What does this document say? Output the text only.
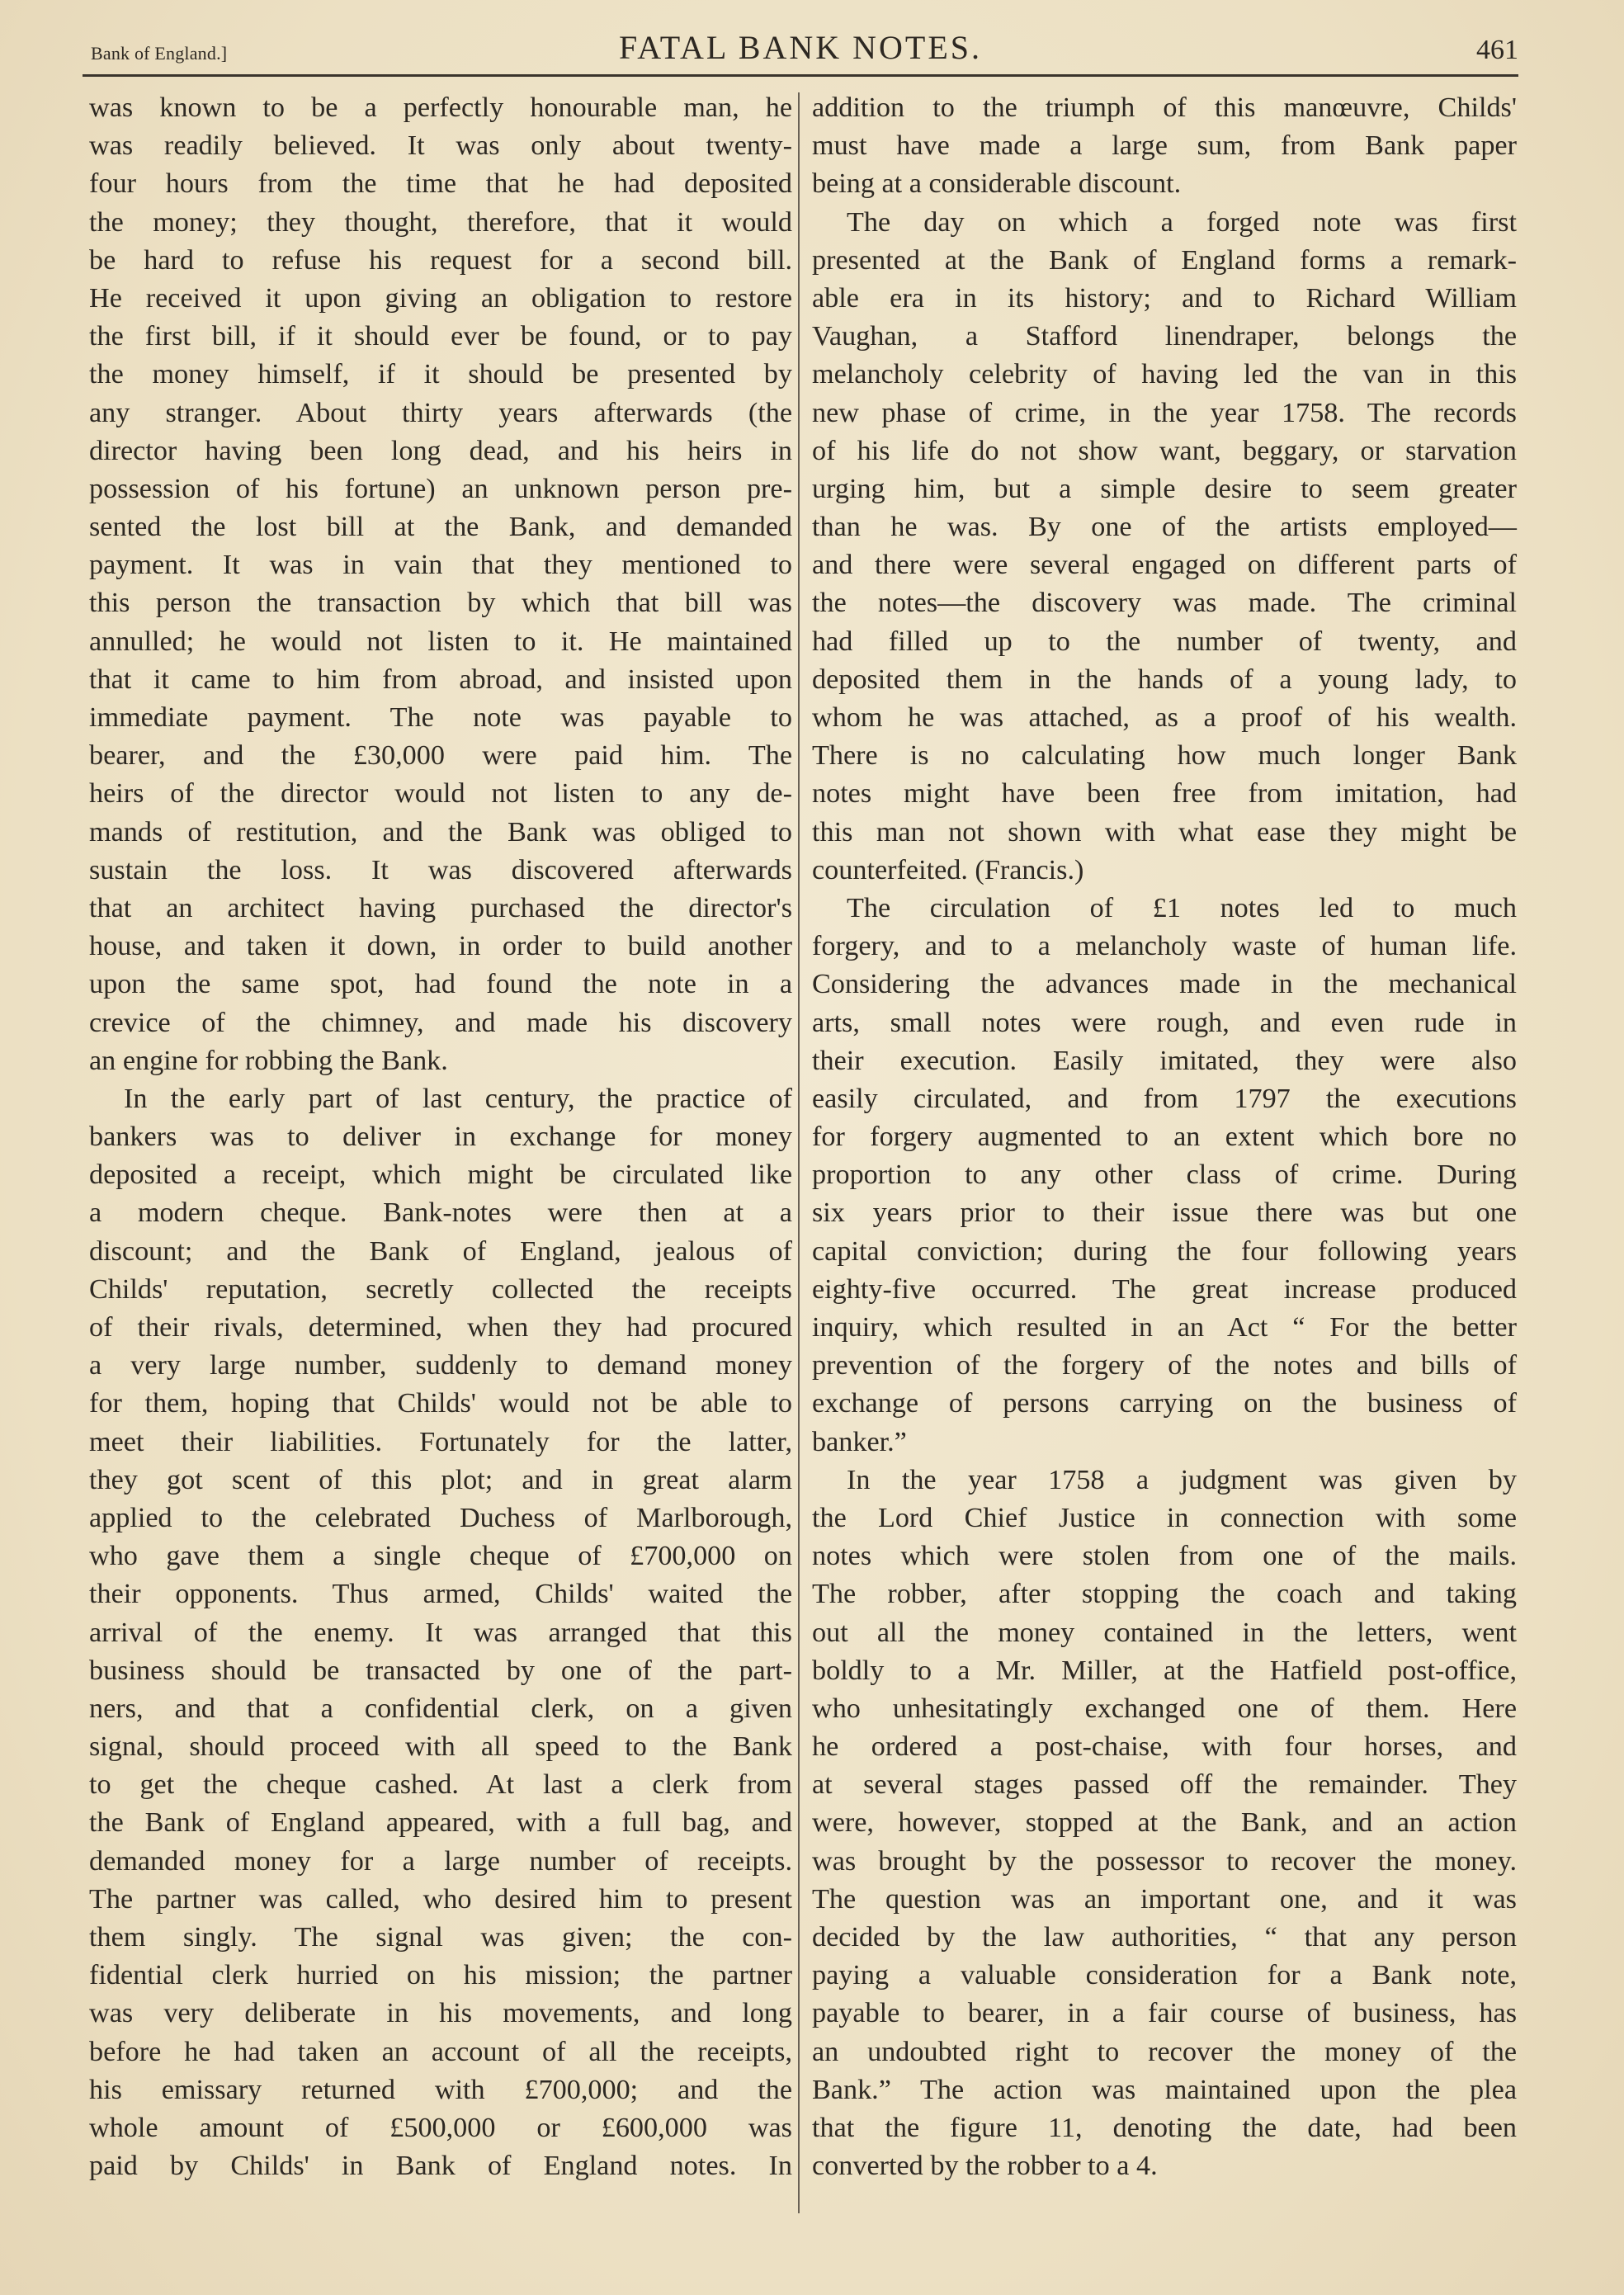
Bank of England.]	FATAL BANK NOTES.	461
was known to be a perfectly honourable man, he
was readily believed. It was only about twenty-
four hours from the time that he had deposited
the money; they thought, therefore, that it would
be hard to refuse his request for a second bill.
He received it upon giving an obligation to restore
the first bill, if it should ever be found, or to pay
the money himself, if it should be presented by
any stranger. About thirty years afterwards (the
director having been long dead, and his heirs in
possession of his fortune) an unknown person pre-
sented the lost bill at the Bank, and demanded
payment. It was in vain that they mentioned to
this person the transaction by which that bill was
annulled; he would not listen to it. He maintained
that it came to him from abroad, and insisted upon
immediate payment. The note was payable to
bearer, and the £30,000 were paid him. The
heirs of the director would not listen to any de-
mands of restitution, and the Bank was obliged to
sustain the loss. It was discovered afterwards
that an architect having purchased the director's
house, and taken it down, in order to build another
upon the same spot, had found the note in a
crevice of the chimney, and made his discovery
an engine for robbing the Bank.
In the early part of last century, the practice of
bankers was to deliver in exchange for money
deposited a receipt, which might be circulated like
a modern cheque. Bank-notes were then at a
discount; and the Bank of England, jealous of
Childs' reputation, secretly collected the receipts
of their rivals, determined, when they had procured
a very large number, suddenly to demand money
for them, hoping that Childs' would not be able to
meet their liabilities. Fortunately for the latter,
they got scent of this plot; and in great alarm
applied to the celebrated Duchess of Marlborough,
who gave them a single cheque of £700,000 on
their opponents. Thus armed, Childs' waited the
arrival of the enemy. It was arranged that this
business should be transacted by one of the part-
ners, and that a confidential clerk, on a given
signal, should proceed with all speed to the Bank
to get the cheque cashed. At last a clerk from
the Bank of England appeared, with a full bag, and
demanded money for a large number of receipts.
The partner was called, who desired him to present
them singly. The signal was given; the con-
fidential clerk hurried on his mission; the partner
was very deliberate in his movements, and long
before he had taken an account of all the receipts,
his emissary returned with £700,000; and the
whole amount of £500,000 or £600,000 was
paid by Childs' in Bank of England notes. In
addition to the triumph of this manœuvre, Childs'
must have made a large sum, from Bank paper
being at a considerable discount.
The day on which a forged note was first
presented at the Bank of England forms a remark-
able era in its history; and to Richard William
Vaughan, a Stafford linendraper, belongs the
melancholy celebrity of having led the van in this
new phase of crime, in the year 1758. The records
of his life do not show want, beggary, or starvation
urging him, but a simple desire to seem greater
than he was. By one of the artists employed—
and there were several engaged on different parts of
the notes—the discovery was made. The criminal
had filled up to the number of twenty, and
deposited them in the hands of a young lady, to
whom he was attached, as a proof of his wealth.
There is no calculating how much longer Bank
notes might have been free from imitation, had
this man not shown with what ease they might be
counterfeited. (Francis.)
The circulation of £1 notes led to much
forgery, and to a melancholy waste of human life.
Considering the advances made in the mechanical
arts, small notes were rough, and even rude in
their execution. Easily imitated, they were also
easily circulated, and from 1797 the executions
for forgery augmented to an extent which bore no
proportion to any other class of crime. During
six years prior to their issue there was but one
capital conviction; during the four following years
eighty-five occurred. The great increase produced
inquiry, which resulted in an Act “ For the better
prevention of the forgery of the notes and bills of
exchange of persons carrying on the business of
banker.”
In the year 1758 a judgment was given by
the Lord Chief Justice in connection with some
notes which were stolen from one of the mails.
The robber, after stopping the coach and taking
out all the money contained in the letters, went
boldly to a Mr. Miller, at the Hatfield post-office,
who unhesitatingly exchanged one of them. Here
he ordered a post-chaise, with four horses, and
at several stages passed off the remainder. They
were, however, stopped at the Bank, and an action
was brought by the possessor to recover the money.
The question was an important one, and it was
decided by the law authorities, “ that any person
paying a valuable consideration for a Bank note,
payable to bearer, in a fair course of business, has
an undoubted right to recover the money of the
Bank.” The action was maintained upon the plea
that the figure 11, denoting the date, had been
converted by the robber to a 4.
